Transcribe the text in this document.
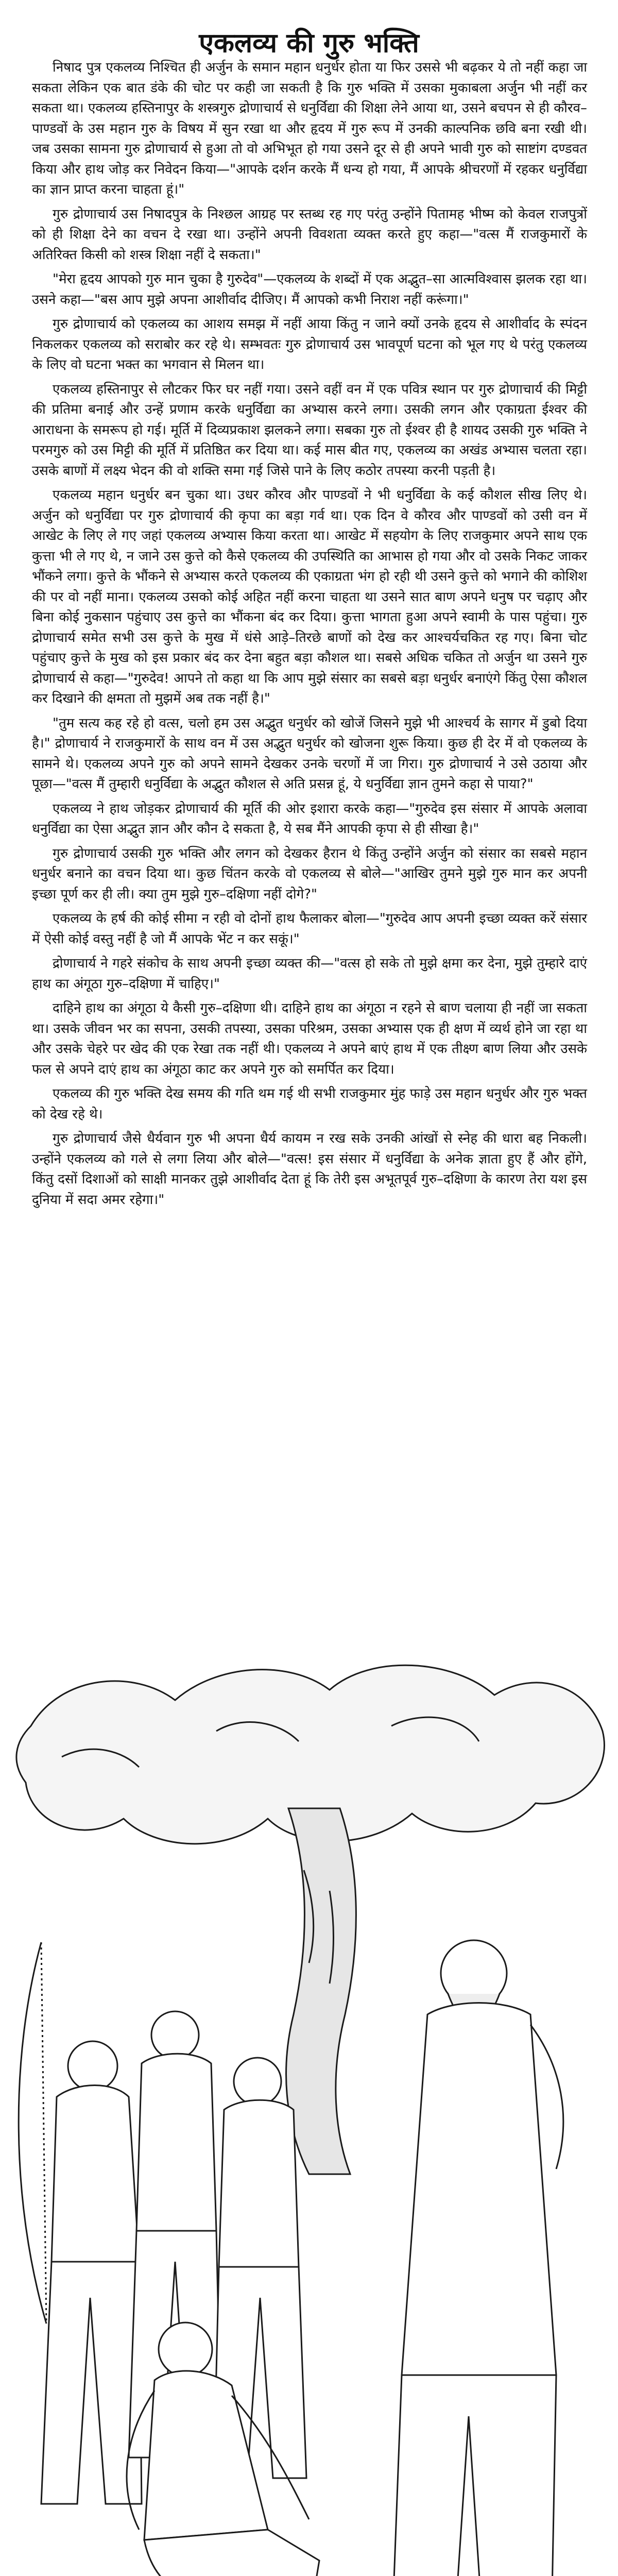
एकलव्य की गुरु भक्ति

निषाद पुत्र एकलव्य निश्चित ही अर्जुन के समान महान धनुर्धर होता या फिर उससे भी बढ़कर ये तो नहीं कहा जा सकता लेकिन एक बात डंके की चोट पर कही जा सकती है कि गुरु भक्ति में उसका मुकाबला अर्जुन भी नहीं कर सकता था। एकलव्य हस्तिनापुर के शस्त्रगुरु द्रोणाचार्य से धनुर्विद्या की शिक्षा लेने आया था, उसने बचपन से ही कौरव–पाण्डवों के उस महान गुरु के विषय में सुन रखा था और हृदय में गुरु रूप में उनकी काल्पनिक छवि बना रखी थी। जब उसका सामना गुरु द्रोणाचार्य से हुआ तो वो अभिभूत हो गया उसने दूर से ही अपने भावी गुरु को साष्टांग दण्डवत किया और हाथ जोड़ कर निवेदन किया—"आपके दर्शन करके मैं धन्य हो गया, मैं आपके श्रीचरणों में रहकर धनुर्विद्या का ज्ञान प्राप्त करना चाहता हूं।"

गुरु द्रोणाचार्य उस निषादपुत्र के निश्छल आग्रह पर स्तब्ध रह गए परंतु उन्होंने पितामह भीष्म को केवल राजपुत्रों को ही शिक्षा देने का वचन दे रखा था। उन्होंने अपनी विवशता व्यक्त करते हुए कहा—"वत्स मैं राजकुमारों के अतिरिक्त किसी को शस्त्र शिक्षा नहीं दे सकता।"

"मेरा हृदय आपको गुरु मान चुका है गुरुदेव"—एकलव्य के शब्दों में एक अद्भुत–सा आत्मविश्वास झलक रहा था। उसने कहा—"बस आप मुझे अपना आशीर्वाद दीजिए। मैं आपको कभी निराश नहीं करूंगा।"

गुरु द्रोणाचार्य को एकलव्य का आशय समझ में नहीं आया किंतु न जाने क्यों उनके हृदय से आशीर्वाद के स्पंदन निकलकर एकलव्य को सराबोर कर रहे थे। सम्भवतः गुरु द्रोणाचार्य उस भावपूर्ण घटना को भूल गए थे परंतु एकलव्य के लिए वो घटना भक्त का भगवान से मिलन था।

एकलव्य हस्तिनापुर से लौटकर फिर घर नहीं गया। उसने वहीं वन में एक पवित्र स्थान पर गुरु द्रोणाचार्य की मिट्टी की प्रतिमा बनाई और उन्हें प्रणाम करके धनुर्विद्या का अभ्यास करने लगा। उसकी लगन और एकाग्रता ईश्वर की आराधना के समरूप हो गई। मूर्ति में दिव्यप्रकाश झलकने लगा। सबका गुरु तो ईश्वर ही है शायद उसकी गुरु भक्ति ने परमगुरु को उस मिट्टी की मूर्ति में प्रतिष्ठित कर दिया था। कई मास बीत गए, एकलव्य का अखंड अभ्यास चलता रहा। उसके बाणों में लक्ष्य भेदन की वो शक्ति समा गई जिसे पाने के लिए कठोर तपस्या करनी पड़ती है।

एकलव्य महान धनुर्धर बन चुका था। उधर कौरव और पाण्डवों ने भी धनुर्विद्या के कई कौशल सीख लिए थे। अर्जुन को धनुर्विद्या पर गुरु द्रोणाचार्य की कृपा का बड़ा गर्व था। एक दिन वे कौरव और पाण्डवों को उसी वन में आखेट के लिए ले गए जहां एकलव्य अभ्यास किया करता था। आखेट में सहयोग के लिए राजकुमार अपने साथ एक कुत्ता भी ले गए थे, न जाने उस कुत्ते को कैसे एकलव्य की उपस्थिति का आभास हो गया और वो उसके निकट जाकर भौंकने लगा। कुत्ते के भौंकने से अभ्यास करते एकलव्य की एकाग्रता भंग हो रही थी उसने कुत्ते को भगाने की कोशिश की पर वो नहीं माना। एकलव्य उसको कोई अहित नहीं करना चाहता था उसने सात बाण अपने धनुष पर चढ़ाए और बिना कोई नुकसान पहुंचाए उस कुत्ते का भौंकना बंद कर दिया। कुत्ता भागता हुआ अपने स्वामी के पास पहुंचा। गुरु द्रोणाचार्य समेत सभी उस कुत्ते के मुख में धंसे आड़े–तिरछे बाणों को देख कर आश्चर्यचकित रह गए। बिना चोट पहुंचाए कुत्ते के मुख को इस प्रकार बंद कर देना बहुत बड़ा कौशल था। सबसे अधिक चकित तो अर्जुन था उसने गुरु द्रोणाचार्य से कहा—"गुरुदेव! आपने तो कहा था कि आप मुझे संसार का सबसे बड़ा धनुर्धर बनाएंगे किंतु ऐसा कौशल कर दिखाने की क्षमता तो मुझमें अब तक नहीं है।"

"तुम सत्य कह रहे हो वत्स, चलो हम उस अद्भुत धनुर्धर को खोजें जिसने मुझे भी आश्चर्य के सागर में डुबो दिया है।" द्रोणाचार्य ने राजकुमारों के साथ वन में उस अद्भुत धनुर्धर को खोजना शुरू किया। कुछ ही देर में वो एकलव्य के सामने थे। एकलव्य अपने गुरु को अपने सामने देखकर उनके चरणों में जा गिरा। गुरु द्रोणाचार्य ने उसे उठाया और पूछा—"वत्स मैं तुम्हारी धनुर्विद्या के अद्भुत कौशल से अति प्रसन्न हूं, ये धनुर्विद्या ज्ञान तुमने कहा से पाया?"

एकलव्य ने हाथ जोड़कर द्रोणाचार्य की मूर्ति की ओर इशारा करके कहा—"गुरुदेव इस संसार में आपके अलावा धनुर्विद्या का ऐसा अद्भुत ज्ञान और कौन दे सकता है, ये सब मैंने आपकी कृपा से ही सीखा है।"

गुरु द्रोणाचार्य उसकी गुरु भक्ति और लगन को देखकर हैरान थे किंतु उन्होंने अर्जुन को संसार का सबसे महान धनुर्धर बनाने का वचन दिया था। कुछ चिंतन करके वो एकलव्य से बोले—"आखिर तुमने मुझे गुरु मान कर अपनी इच्छा पूर्ण कर ही ली। क्या तुम मुझे गुरु–दक्षिणा नहीं दोगे?"

एकलव्य के हर्ष की कोई सीमा न रही वो दोनों हाथ फैलाकर बोला—"गुरुदेव आप अपनी इच्छा व्यक्त करें संसार में ऐसी कोई वस्तु नहीं है जो मैं आपके भेंट न कर सकूं।"

द्रोणाचार्य ने गहरे संकोच के साथ अपनी इच्छा व्यक्त की—"वत्स हो सके तो मुझे क्षमा कर देना, मुझे तुम्हारे दाएं हाथ का अंगूठा गुरु–दक्षिणा में चाहिए।"

दाहिने हाथ का अंगूठा ये कैसी गुरु–दक्षिणा थी। दाहिने हाथ का अंगूठा न रहने से बाण चलाया ही नहीं जा सकता था। उसके जीवन भर का सपना, उसकी तपस्या, उसका परिश्रम, उसका अभ्यास एक ही क्षण में व्यर्थ होने जा रहा था और उसके चेहरे पर खेद की एक रेखा तक नहीं थी। एकलव्य ने अपने बाएं हाथ में एक तीक्ष्ण बाण लिया और उसके फल से अपने दाएं हाथ का अंगूठा काट कर अपने गुरु को समर्पित कर दिया।

एकलव्य की गुरु भक्ति देख समय की गति थम गई थी सभी राजकुमार मुंह फाड़े उस महान धनुर्धर और गुरु भक्त को देख रहे थे।

गुरु द्रोणाचार्य जैसे धैर्यवान गुरु भी अपना धैर्य कायम न रख सके उनकी आंखों से स्नेह की धारा बह निकली। उन्होंने एकलव्य को गले से लगा लिया और बोले—"वत्स! इस संसार में धनुर्विद्या के अनेक ज्ञाता हुए हैं और होंगे, किंतु दसों दिशाओं को साक्षी मानकर तुझे आशीर्वाद देता हूं कि तेरी इस अभूतपूर्व गुरु–दक्षिणा के कारण तेरा यश इस दुनिया में सदा अमर रहेगा।"
